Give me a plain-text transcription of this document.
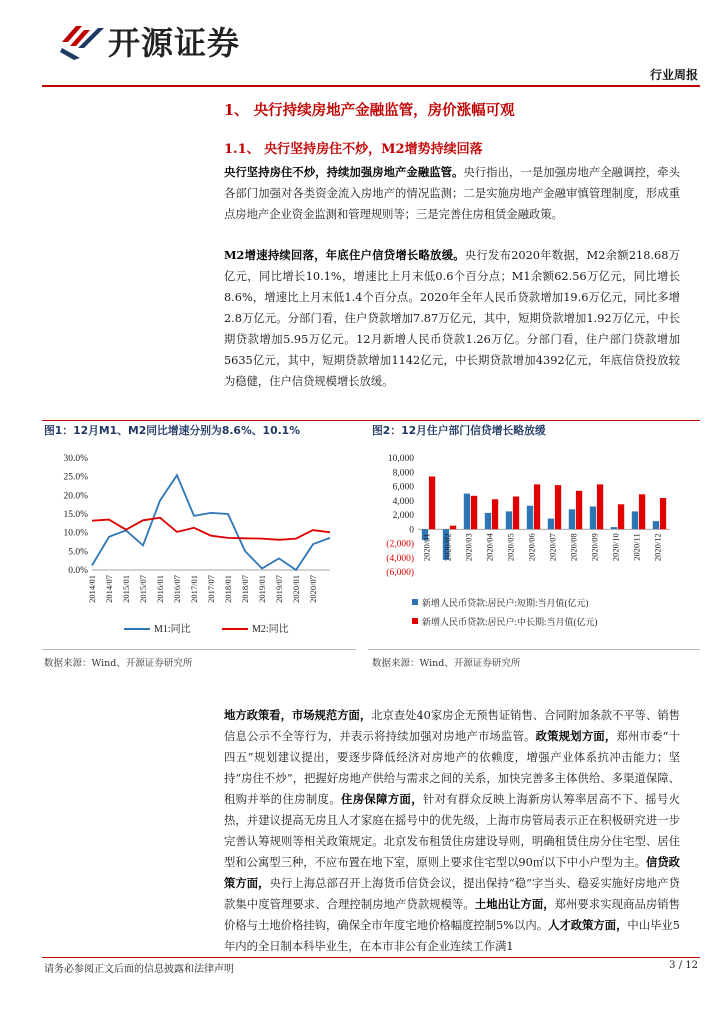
开源证券
行业周报
1、 央行持续房地产金融监管，房价涨幅可观
1.1、 央行坚持房住不炒，M2增势持续回落
央行坚持房住不炒，持续加强房地产金融监管。央行指出，一是加强房地产全融调控，牵头各部门加强对各类资金流入房地产的情况监测；二是实施房地产金融审慎管理制度，形成重点房地产企业资金监测和管理规则等；三是完善住房租赁金融政策。
M2增速持续回落，年底住户信贷增长略放缓。央行发布2020年数据，M2余额218.68万亿元，同比增长10.1%，增速比上月末低0.6个百分点；M1余额62.56万亿元，同比增长8.6%，增速比上月末低1.4个百分点。2020年全年人民币贷款增加19.6万亿元，同比多增2.8万亿元。分部门看，住户贷款增加7.87万亿元，其中，短期贷款增加1.92万亿元，中长期贷款增加5.95万亿元。12月新增人民币贷款1.26万亿。分部门看，住户部门贷款增加5635亿元，其中，短期贷款增加1142亿元，中长期贷款增加4392亿元，年底信贷投放较为稳健，住户信贷规模增长放缓。
图1：12月M1、M2同比增速分别为8.6%、10.1%	图2：12月住户部门信贷增长略放缓
30.0%
25.0%
20.0%
15.0%
10.0%
5.0%
0.0%
2014/01 2014/07 2015/01 2015/07 2016/01 2016/07 2017/01 2017/07 2018/01 2018/07 2019/01 2019/07 2020/01 2020/07
M1:同比	M2:同比
10,000
8,000
6,000
4,000
2,000
0
(2,000)
(4,000)
(6,000)
2020/01 2020/02 2020/03 2020/04 2020/05 2020/06 2020/07 2020/08 2020/09 2020/10 2020/11 2020/12
新增人民币贷款:居民户:短期:当月值(亿元)
新增人民币贷款:居民户:中长期:当月值(亿元)
数据来源：Wind、开源证券研究所	数据来源：Wind、开源证券研究所
地方政策看，市场规范方面，北京查处40家房企无预售证销售、合同附加条款不平等、销售信息公示不全等行为，并表示将持续加强对房地产市场监管。政策规划方面，郑州市委“十四五”规划建议提出，要逐步降低经济对房地产的依赖度，增强产业体系抗冲击能力；坚持“房住不炒”，把握好房地产供给与需求之间的关系，加快完善多主体供给、多渠道保障、租购并举的住房制度。住房保障方面，针对有群众反映上海新房认筹率居高不下、摇号火热，并建议提高无房且人才家庭在摇号中的优先级，上海市房管局表示正在积极研究进一步完善认筹规则等相关政策规定。北京发布租赁住房建设导则，明确租赁住房分住宅型、居住型和公寓型三种，不应布置在地下室，原则上要求住宅型以90㎡以下中小户型为主。信贷政策方面，央行上海总部召开上海货币信贷会议，提出保持“稳”字当头、稳妥实施好房地产贷款集中度管理要求、合理控制房地产贷款规模等。土地出让方面，郑州要求实现商品房销售价格与土地价格挂钩，确保全市年度宅地价格幅度控制5%以内。人才政策方面，中山毕业5年内的全日制本科毕业生，在本市非公有企业连续工作满1
请务必参阅正文后面的信息披露和法律声明	3 / 12
